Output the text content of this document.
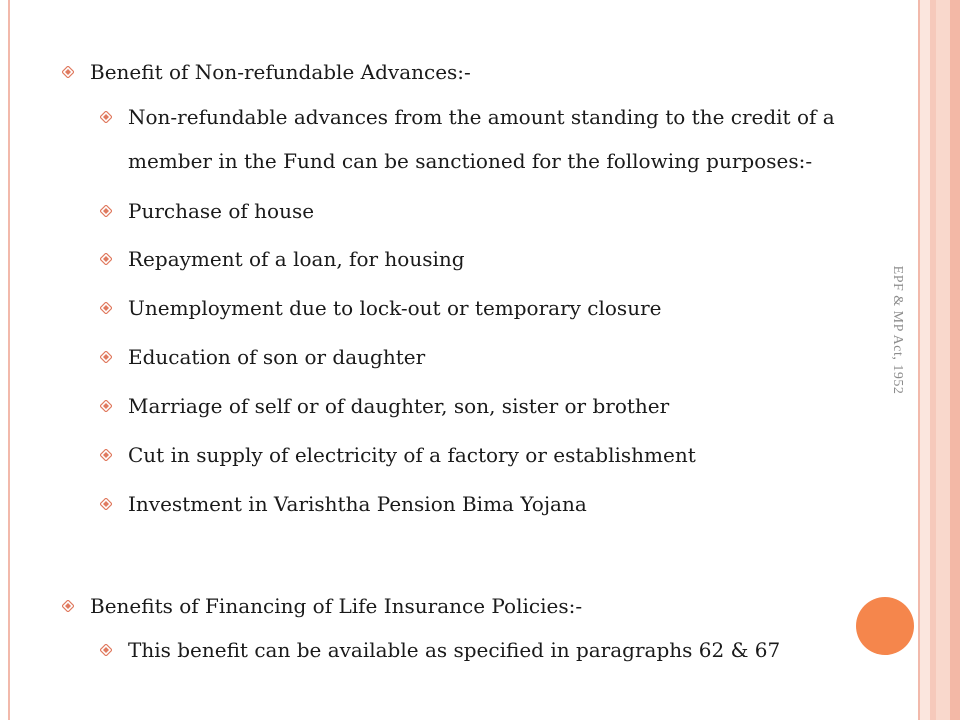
EPF & MP Act, 1952
Benefit of Non-refundable Advances:-
Non-refundable advances from the amount standing to the credit of a member in the Fund can be sanctioned for the following purposes:-
Purchase of house
Repayment of a loan, for housing
Unemployment due to lock-out or temporary closure
Education of son or daughter
Marriage of self or of daughter, son, sister or brother
Cut in supply of electricity of a factory or establishment
Investment in Varishtha Pension Bima Yojana
Benefits of Financing of Life Insurance Policies:-
This benefit can be available as specified in paragraphs 62 & 67
